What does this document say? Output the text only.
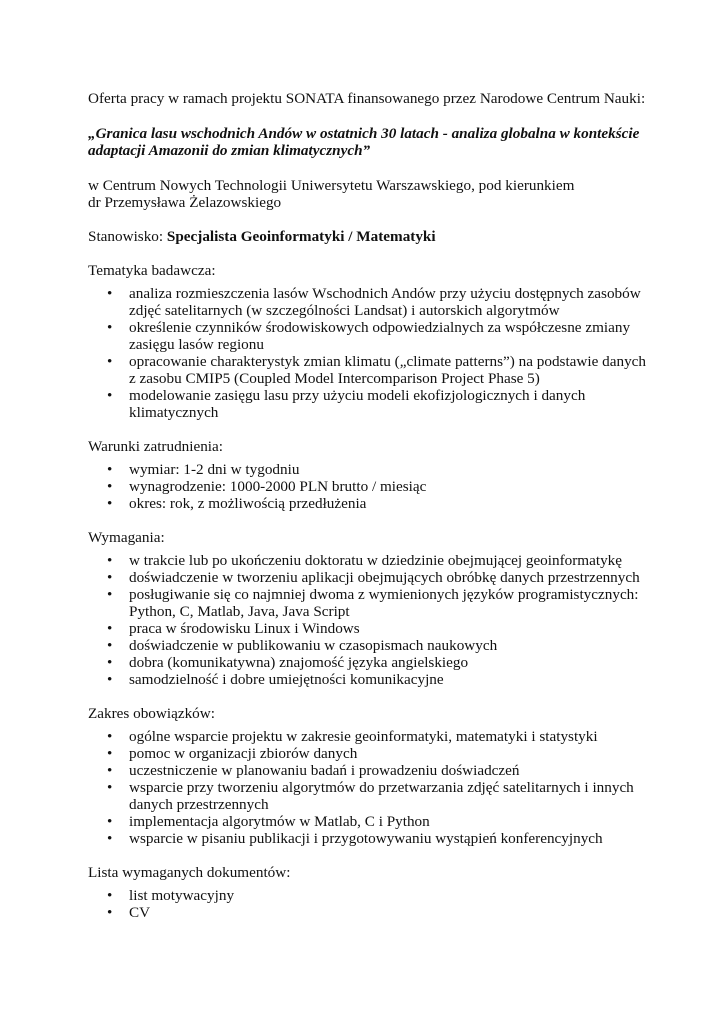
Oferta pracy w ramach projektu SONATA finansowanego przez Narodowe Centrum Nauki:

„Granica lasu wschodnich Andów w ostatnich 30 latach - analiza globalna w kontekście adaptacji Amazonii do zmian klimatycznych”

w Centrum Nowych Technologii Uniwersytetu Warszawskiego, pod kierunkiem

dr Przemysława Żelazowskiego

Stanowisko: Specjalista Geoinformatyki / Matematyki

Tematyka badawcza:

• analiza rozmieszczenia lasów Wschodnich Andów przy użyciu dostępnych zasobów zdjęć satelitarnych (w szczególności Landsat) i autorskich algorytmów
• określenie czynników środowiskowych odpowiedzialnych za współczesne zmiany zasięgu lasów regionu
• opracowanie charakterystyk zmian klimatu („climate patterns”) na podstawie danych z zasobu CMIP5 (Coupled Model Intercomparison Project Phase 5)
• modelowanie zasięgu lasu przy użyciu modeli ekofizjologicznych i danych klimatycznych

Warunki zatrudnienia:

• wymiar: 1-2 dni w tygodniu
• wynagrodzenie: 1000-2000 PLN brutto / miesiąc
• okres: rok, z możliwością przedłużenia

Wymagania:

• w trakcie lub po ukończeniu doktoratu w dziedzinie obejmującej geoinformatykę
• doświadczenie w tworzeniu aplikacji obejmujących obróbkę danych przestrzennych
• posługiwanie się co najmniej dwoma z wymienionych języków programistycznych: Python, C, Matlab, Java, Java Script
• praca w środowisku Linux i Windows
• doświadczenie w publikowaniu w czasopismach naukowych
• dobra (komunikatywna) znajomość języka angielskiego
• samodzielność i dobre umiejętności komunikacyjne

Zakres obowiązków:

• ogólne wsparcie projektu w zakresie geoinformatyki, matematyki i statystyki
• pomoc w organizacji zbiorów danych
• uczestniczenie w planowaniu badań i prowadzeniu doświadczeń
• wsparcie przy tworzeniu algorytmów do przetwarzania zdjęć satelitarnych i innych danych przestrzennych
• implementacja algorytmów w Matlab, C i Python
• wsparcie w pisaniu publikacji i przygotowywaniu wystąpień konferencyjnych

Lista wymaganych dokumentów:

• list motywacyjny
• CV
